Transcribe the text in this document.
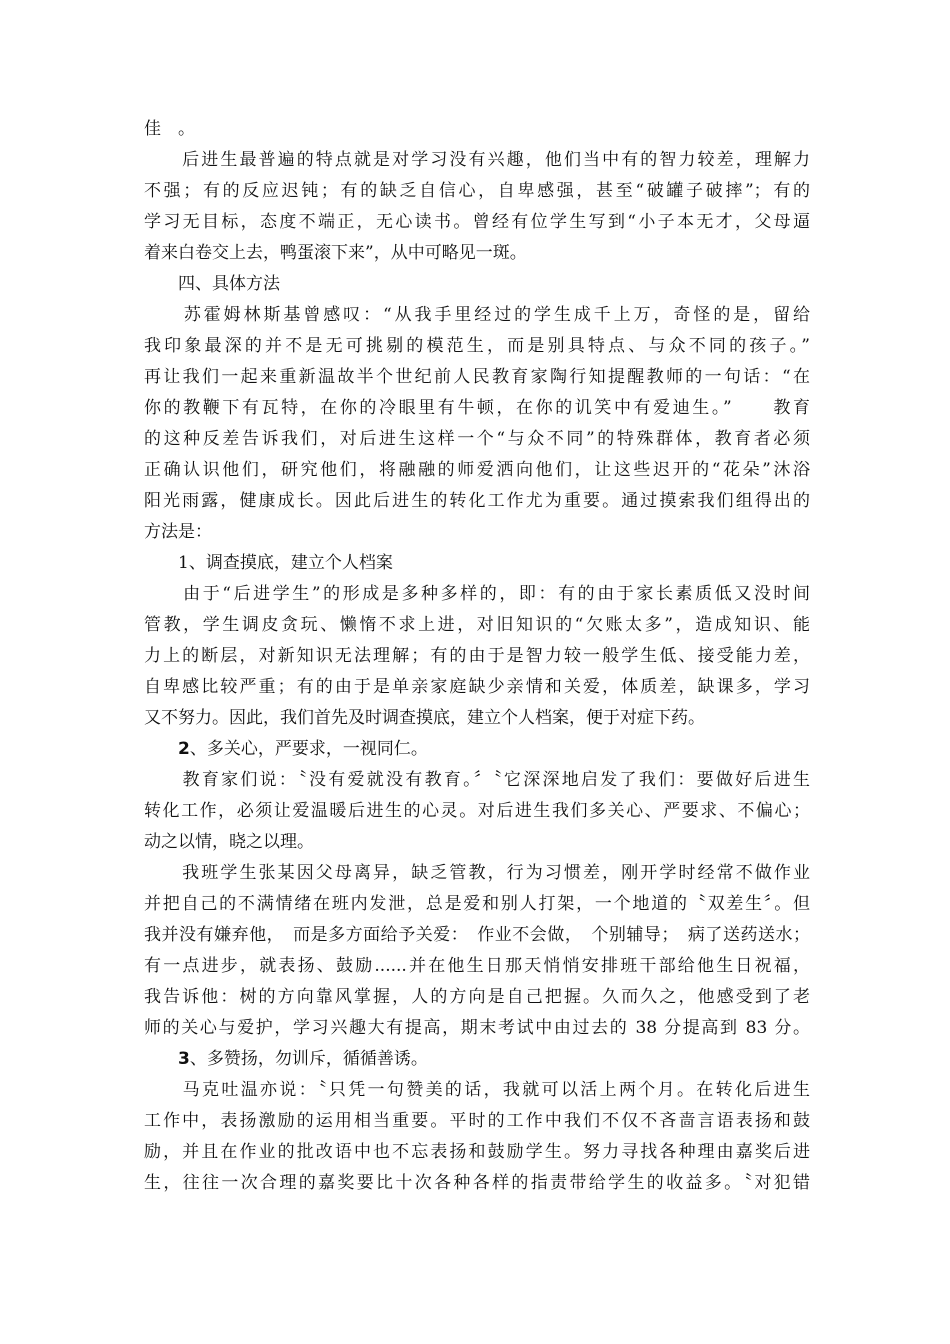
佳　。

　　后进生最普遍的特点就是对学习没有兴趣，他们当中有的智力较差，理解力

不强；有的反应迟钝；有的缺乏自信心，自卑感强，甚至“破罐子破摔”；有的

学习无目标，态度不端正，无心读书。曾经有位学生写到“小子本无才，父母逼

着来白卷交上去，鸭蛋滚下来”，从中可略见一斑。

　　四、具体方法

　　苏霍姆林斯基曾感叹：“从我手里经过的学生成千上万，奇怪的是，留给

我印象最深的并不是无可挑剔的模范生，而是别具特点、与众不同的孩子。”

再让我们一起来重新温故半个世纪前人民教育家陶行知提醒教师的一句话：“在

你的教鞭下有瓦特，在你的冷眼里有牛顿，在你的讥笑中有爱迪生。”　　教育

的这种反差告诉我们，对后进生这样一个“与众不同”的特殊群体，教育者必须

正确认识他们，研究他们，将融融的师爱洒向他们，让这些迟开的“花朵”沐浴

阳光雨露，健康成长。因此后进生的转化工作尤为重要。通过摸索我们组得出的

方法是：

　　1、调查摸底，建立个人档案

　　由于“后进学生”的形成是多种多样的，即：有的由于家长素质低又没时间

管教，学生调皮贪玩、懒惰不求上进，对旧知识的“欠账太多”，造成知识、能

力上的断层，对新知识无法理解；有的由于是智力较一般学生低、接受能力差，

自卑感比较严重；有的由于是单亲家庭缺少亲情和关爱，体质差，缺课多，学习

又不努力。因此，我们首先及时调查摸底，建立个人档案，便于对症下药。

2、多关心，严要求，一视同仁。

　　教育家们说：〝没有爱就没有教育。〞〝它深深地启发了我们：要做好后进生

转化工作，必须让爱温暖后进生的心灵。对后进生我们多关心、严要求、不偏心；

动之以情，晓之以理。

　　我班学生张某因父母离异，缺乏管教，行为习惯差，刚开学时经常不做作业

并把自己的不满情绪在班内发泄，总是爱和别人打架，一个地道的〝双差生〞。但

我并没有嫌弃他，　而是多方面给予关爱：　作业不会做，　个别辅导；　病了送药送水；

有一点进步，就表扬、鼓励......并在他生日那天悄悄安排班干部给他生日祝福，

我告诉他：树的方向靠风掌握，人的方向是自己把握。久而久之，他感受到了老

师的关心与爱护，学习兴趣大有提高，期末考试中由过去的 38 分提高到 83 分。

3、多赞扬，勿训斥，循循善诱。

　　马克吐温亦说：〝只凭一句赞美的话，我就可以活上两个月。在转化后进生

工作中，表扬激励的运用相当重要。平时的工作中我们不仅不吝啬言语表扬和鼓

励，并且在作业的批改语中也不忘表扬和鼓励学生。努力寻找各种理由嘉奖后进

生，往往一次合理的嘉奖要比十次各种各样的指责带给学生的收益多。〝对犯错
